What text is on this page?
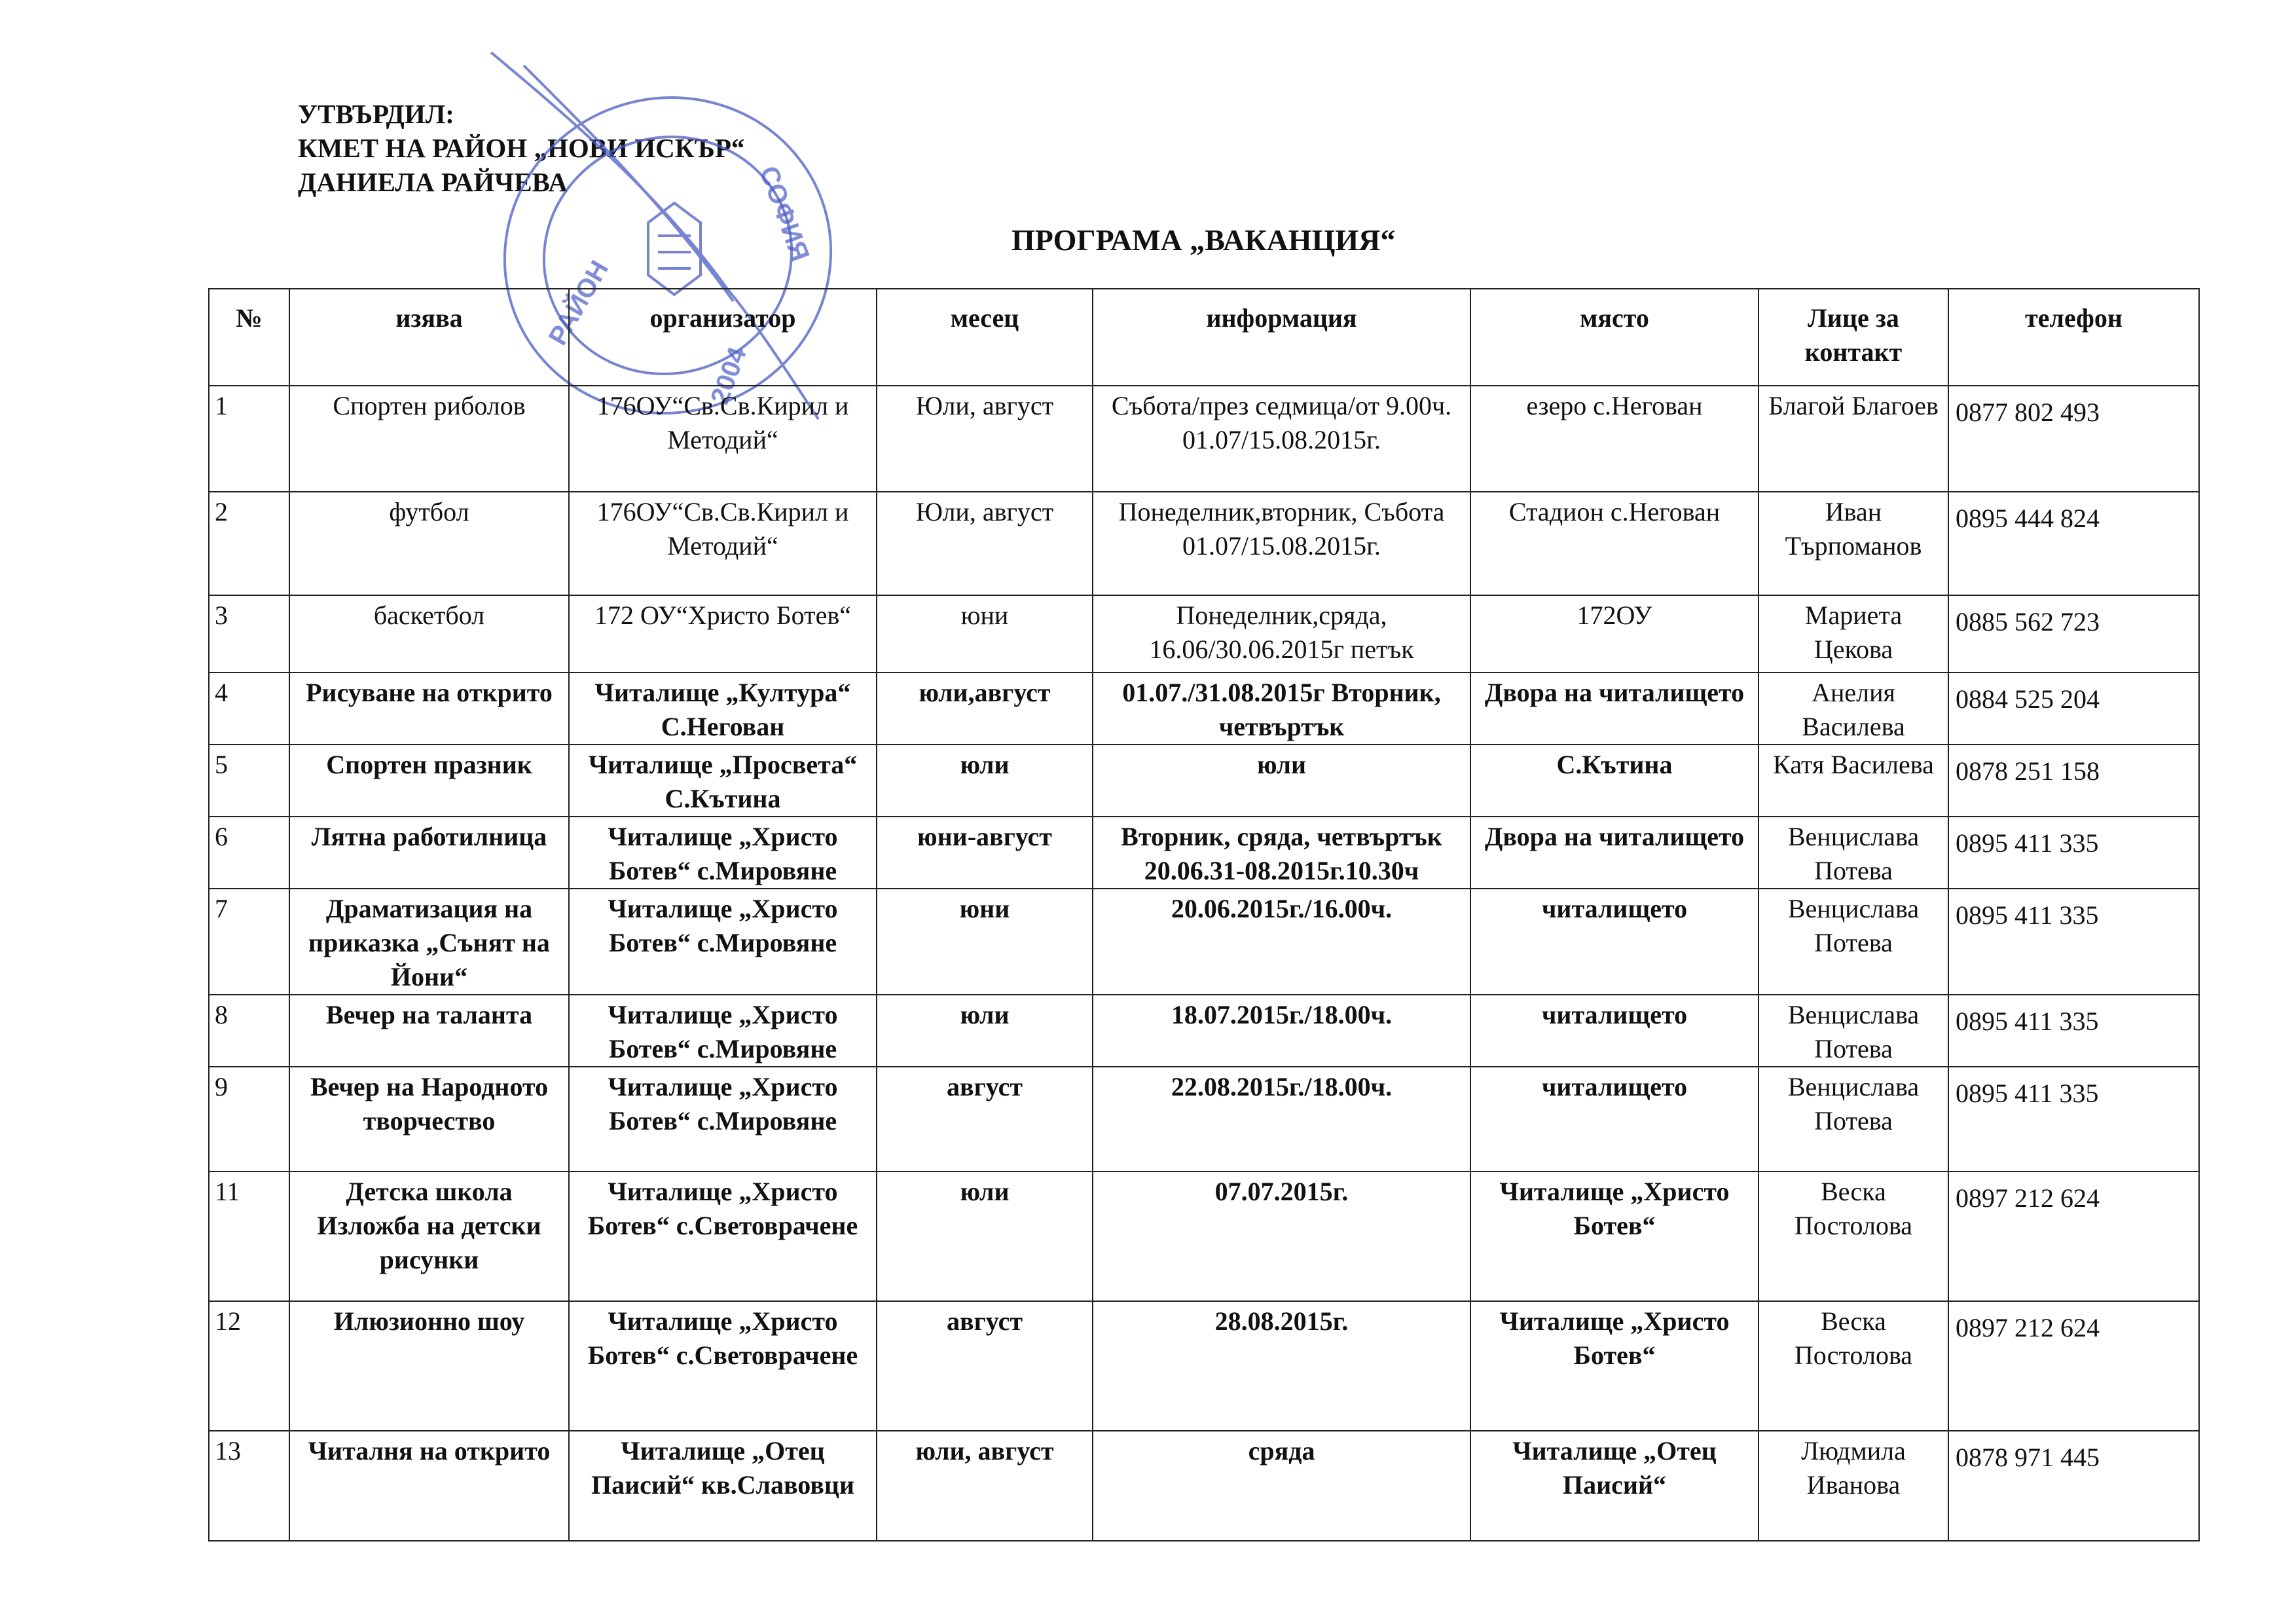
УТВЪРДИЛ:
КМЕТ НА РАЙОН „НОВИ ИСКЪР“
ДАНИЕЛА РАЙЧЕВА
РАЙОН
2004
СОФИЯ	ПРОГРАМА „ВАКАНЦИЯ“
№	изява	организатор	месец	информация	място	Лице за контакт	телефон
1	Спортен риболов	176ОУ“Св.Св.Кирил и Методий“	Юли, август	Събота/през седмица/от 9.00ч. 01.07/15.08.2015г.	езеро с.Негован	Благой Благоев	0877 802 493
2	футбол	176ОУ“Св.Св.Кирил и Методий“	Юли, август	Понеделник,вторник, Събота 01.07/15.08.2015г.	Стадион с.Негован	Иван Търпоманов	0895 444 824
3	баскетбол	172 ОУ“Христо Ботев“	юни	Понеделник,сряда, 16.06/30.06.2015г петък	172ОУ	Мариета Цекова	0885 562 723
4	Рисуване на открито	Читалище „Култура“ С.Негован	юли,август	01.07./31.08.2015г Вторник, четвъртък	Двора на читалището	Анелия Василева	0884 525 204
5	Спортен празник	Читалище „Просвета“ С.Кътина	юли	юли	С.Кътина	Катя Василева	0878 251 158
6	Лятна работилница	Читалище „Христо Ботев“ с.Мировяне	юни-август	Вторник, сряда, четвъртък 20.06.31-08.2015г.10.30ч	Двора на читалището	Венцислава Потева	0895 411 335
7	Драматизация на приказка „Сънят на Йони“	Читалище „Христо Ботев“ с.Мировяне	юни	20.06.2015г./16.00ч.	читалището	Венцислава Потева	0895 411 335
8	Вечер на таланта	Читалище „Христо Ботев“ с.Мировяне	юли	18.07.2015г./18.00ч.	читалището	Венцислава Потева	0895 411 335
9	Вечер на Народното творчество	Читалище „Христо Ботев“ с.Мировяне	август	22.08.2015г./18.00ч.	читалището	Венцислава Потева	0895 411 335
11	Детска школа Изложба на детски рисунки	Читалище „Христо Ботев“ с.Световрачене	юли	07.07.2015г.	Читалище „Христо Ботев“	Веска Постолова	0897 212 624
12	Илюзионно шоу	Читалище „Христо Ботев“ с.Световрачене	август	28.08.2015г.	Читалище „Христо Ботев“	Веска Постолова	0897 212 624
13	Читалня на открито	Читалище „Отец Паисий“ кв.Славовци	юли, август	сряда	Читалище „Отец Паисий“	Людмила Иванова	0878 971 445
